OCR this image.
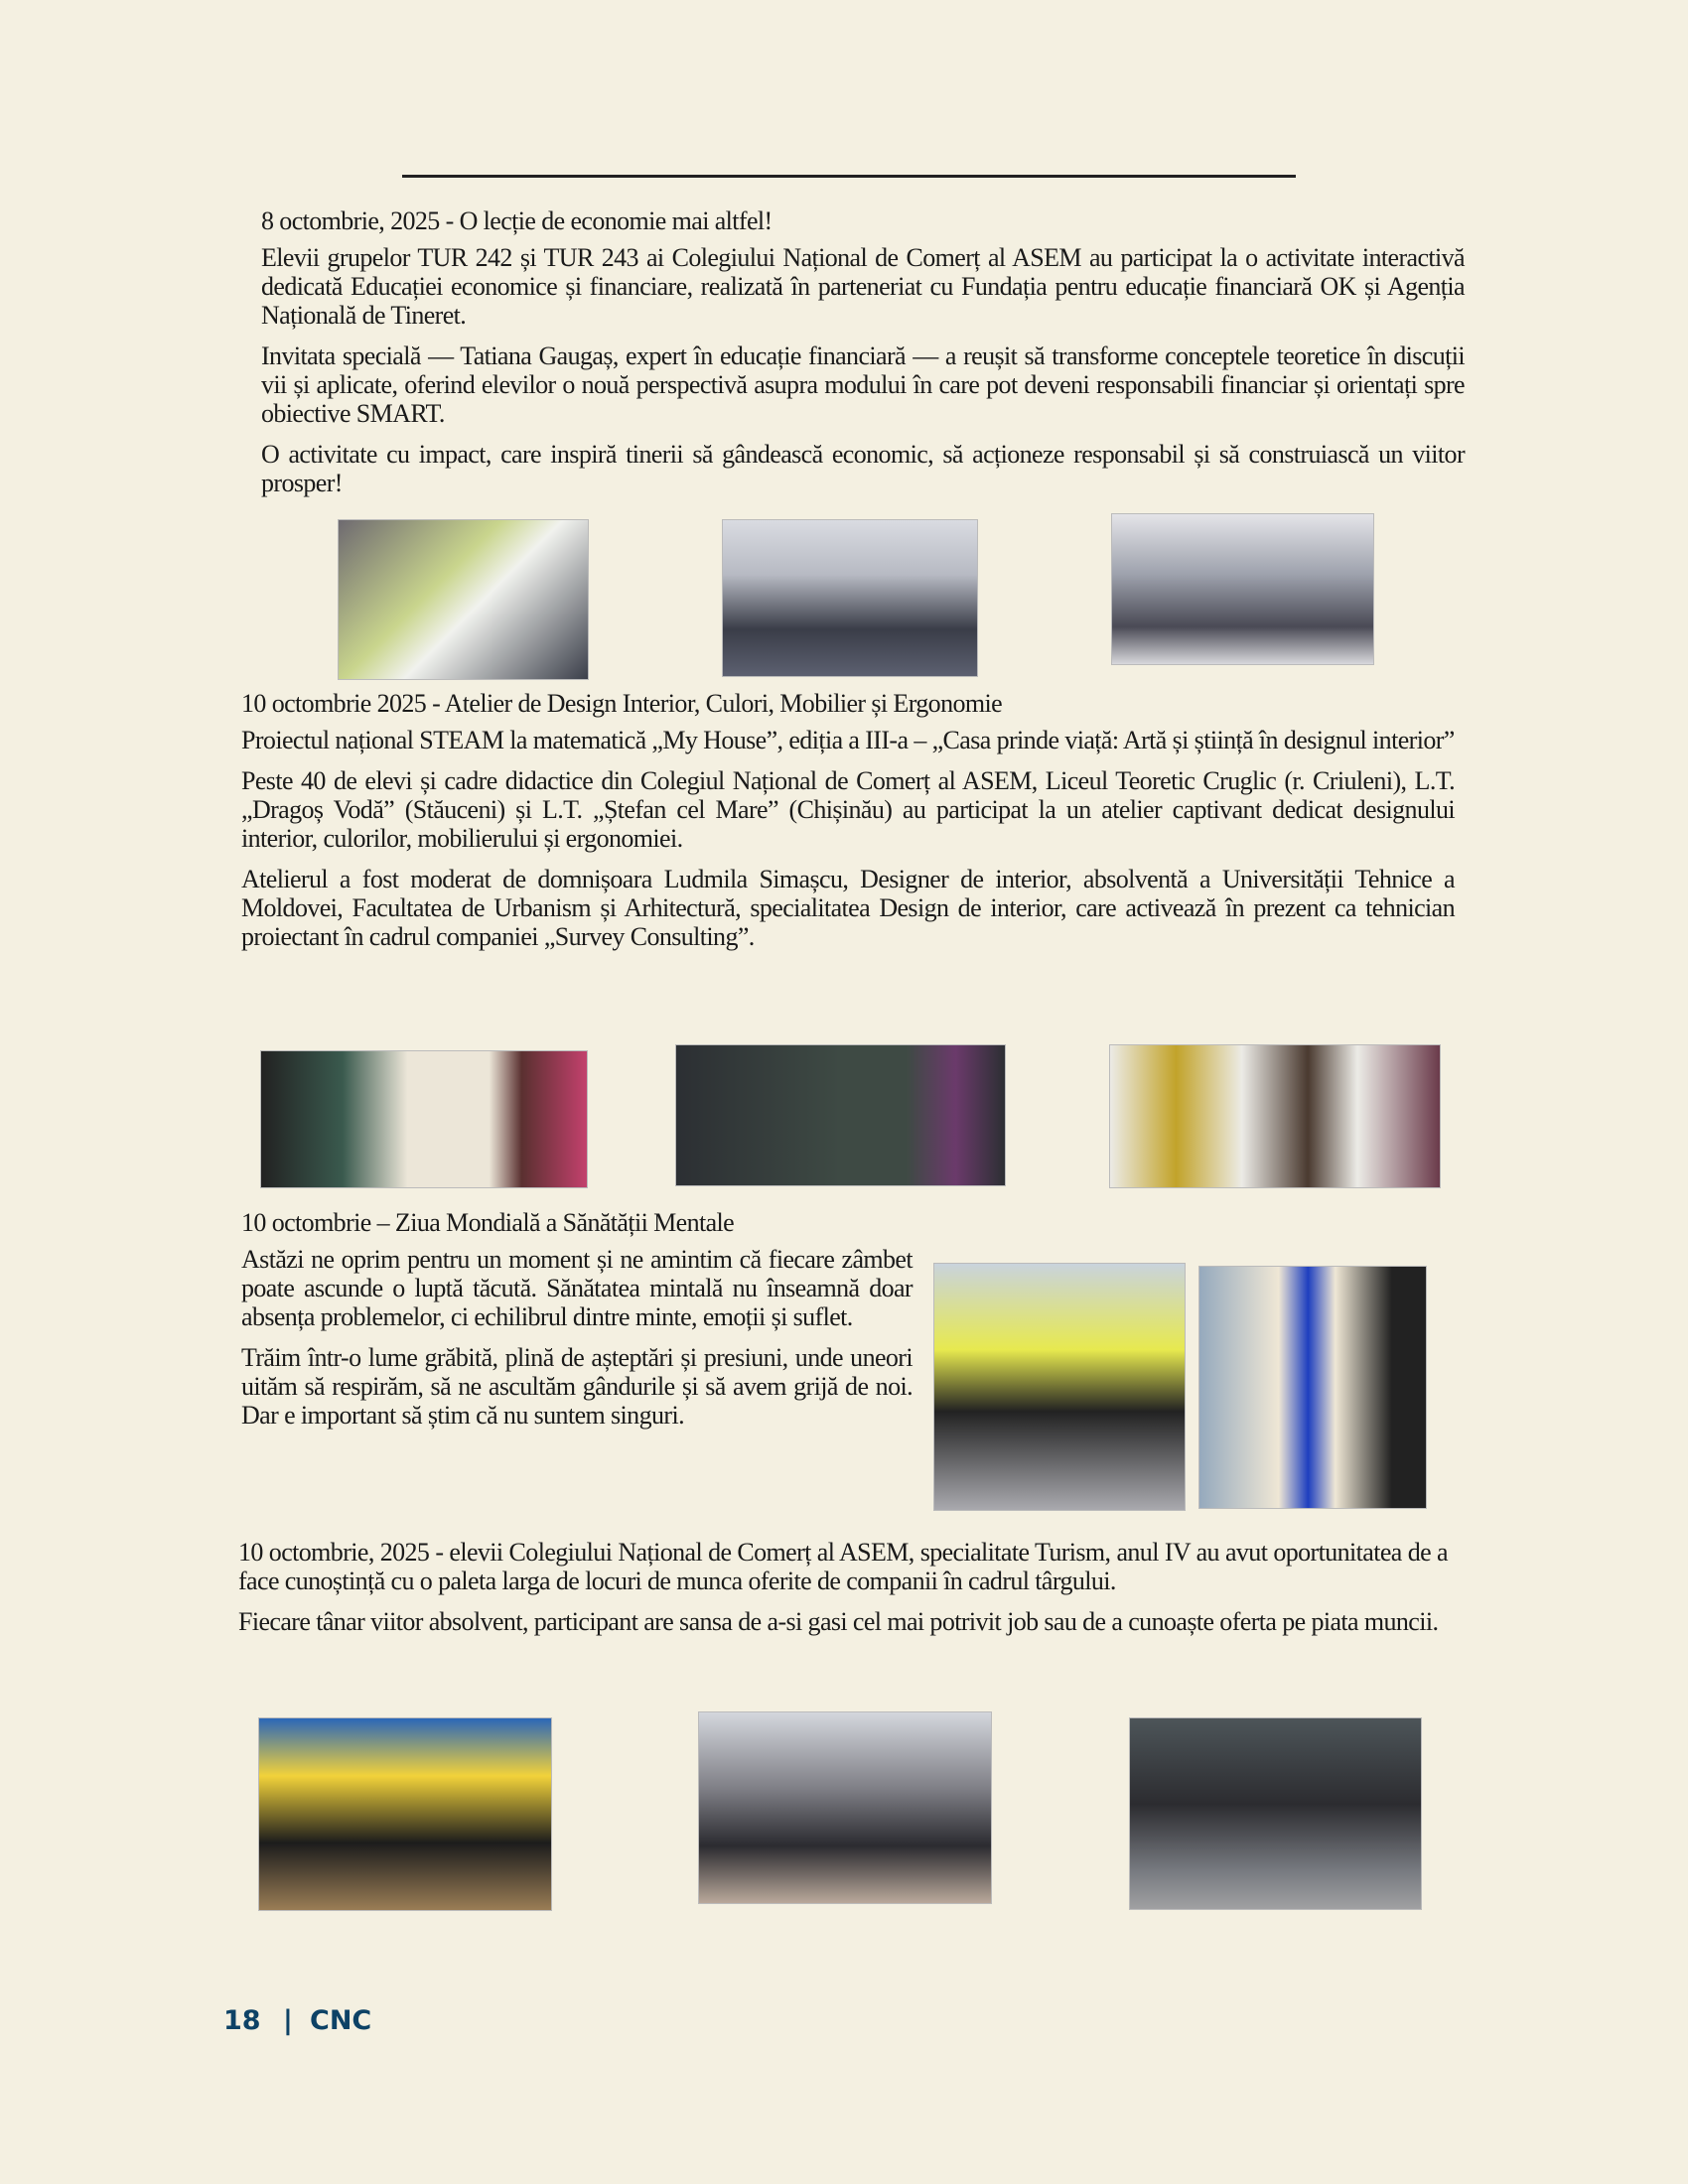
8 octombrie, 2025 - O lecție de economie mai altfel!

Elevii grupelor TUR 242 și TUR 243 ai Colegiului Național de Comerț al ASEM au participat la o activitate interactivă dedicată Educației economice și financiare, realizată în parteneriat cu Fundația pentru educație financiară OK și Agenția Națională de Tineret.

Invitata specială — Tatiana Gaugaș, expert în educație financiară — a reușit să transforme conceptele teoretice în discuții vii și aplicate, oferind elevilor o nouă perspectivă asupra modului în care pot deveni responsabili financiar și orientați spre obiective SMART.

O activitate cu impact, care inspiră tinerii să gândească economic, să acționeze responsabil și să construiască un viitor prosper!

10 octombrie 2025 - Atelier de Design Interior, Culori, Mobilier și Ergonomie

Proiectul național STEAM la matematică „My House”, ediția a III-a – „Casa prinde viață: Artă și știință în designul interior”

Peste 40 de elevi și cadre didactice din Colegiul Național de Comerț al ASEM, Liceul Teoretic Cruglic (r. Criuleni), L.T. „Dragoș Vodă” (Stăuceni) și L.T. „Ștefan cel Mare” (Chișinău) au participat la un atelier captivant dedicat designului interior, culorilor, mobilierului și ergonomiei.

Atelierul a fost moderat de domnișoara Ludmila Simașcu, Designer de interior, absolventă a Universității Tehnice a Moldovei, Facultatea de Urbanism și Arhitectură, specialitatea Design de interior, care activează în prezent ca tehnician proiectant în cadrul companiei „Survey Consulting”.

10 octombrie – Ziua Mondială a Sănătății Mentale

Astăzi ne oprim pentru un moment și ne amintim că fiecare zâmbet poate ascunde o luptă tăcută. Sănătatea mintală nu înseamnă doar absența problemelor, ci echilibrul dintre minte, emoții și suflet.

Trăim într-o lume grăbită, plină de așteptări și presiuni, unde uneori uităm să respirăm, să ne ascultăm gândurile și să avem grijă de noi. Dar e important să știm că nu suntem singuri.

10 octombrie, 2025 - elevii Colegiului Național de Comerț al ASEM, specialitate Turism, anul IV au avut oportunitatea de a face cunoștință cu o paleta larga de locuri de munca oferite de companii în cadrul târgului.

Fiecare tânar viitor absolvent, participant are sansa de a-si gasi cel mai potrivit job sau de a cunoaște oferta pe piata muncii.

18 | CNC
